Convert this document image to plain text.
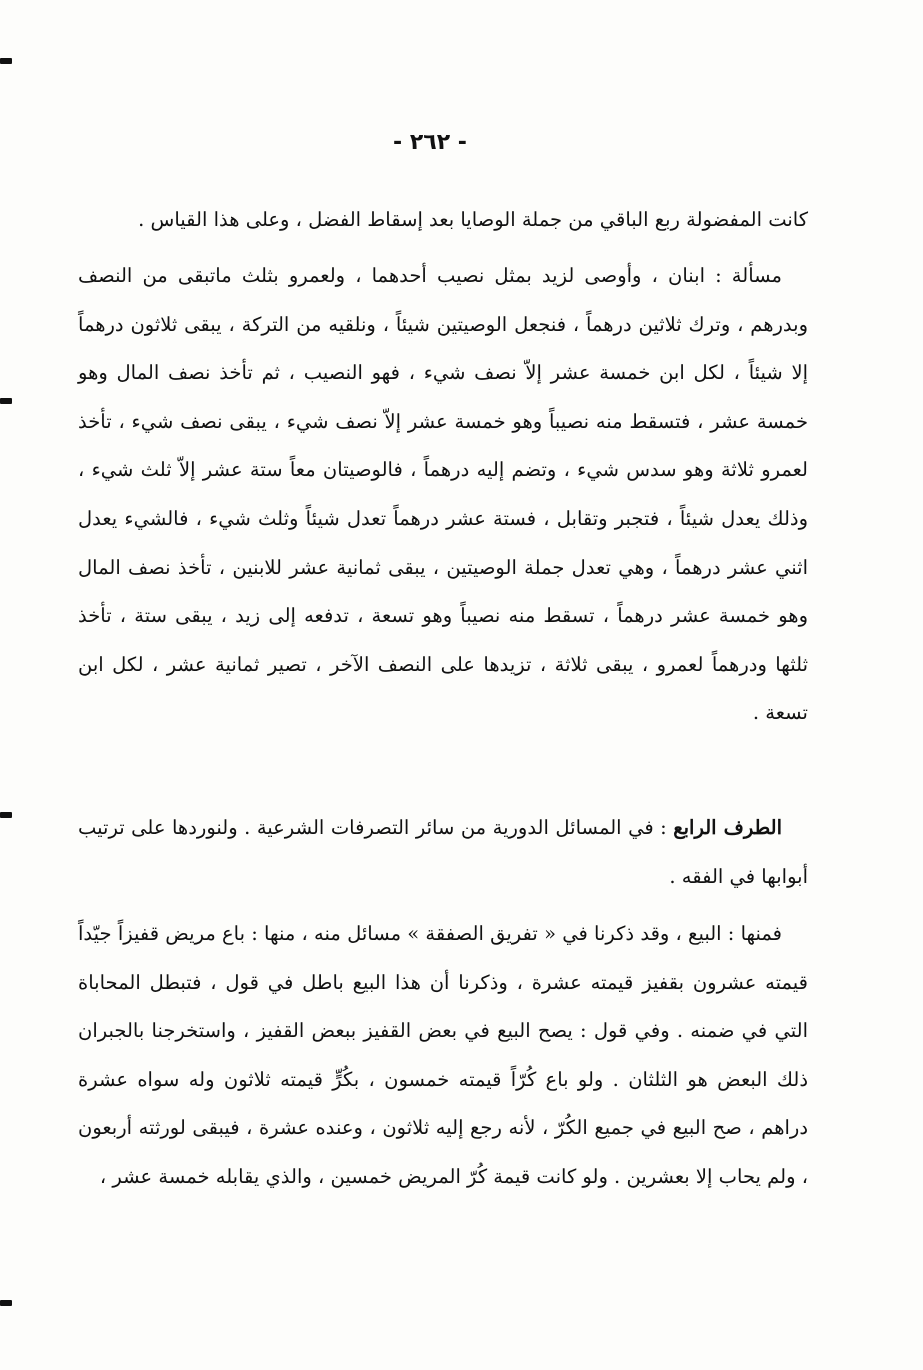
- ٢٦٢ -

كانت المفضولة ربع الباقي من جملة الوصايا بعد إسقاط الفضل ، وعلى هذا القياس .

مسألة : ابنان ، وأوصى لزيد بمثل نصيب أحدهما ، ولعمرو بثلث ماتبقى من النصف وبدرهم ، وترك ثلاثين درهماً ، فنجعل الوصيتين شيئاً ، ونلقيه من التركة ، يبقى ثلاثون درهماً إلا شيئاً ، لكل ابن خمسة عشر إلاّ نصف شيء ، فهو النصيب ، ثم تأخذ نصف المال وهو خمسة عشر ، فتسقط منه نصيباً وهو خمسة عشر إلاّ نصف شيء ، يبقى نصف شيء ، تأخذ لعمرو ثلاثة وهو سدس شيء ، وتضم إليه درهماً ، فالوصيتان معاً ستة عشر إلاّ ثلث شيء ، وذلك يعدل شيئاً ، فتجبر وتقابل ، فستة عشر درهماً تعدل شيئاً وثلث شيء ، فالشيء يعدل اثني عشر درهماً ، وهي تعدل جملة الوصيتين ، يبقى ثمانية عشر للابنين ، تأخذ نصف المال وهو خمسة عشر درهماً ، تسقط منه نصيباً وهو تسعة ، تدفعه إلى زيد ، يبقى ستة ، تأخذ ثلثها ودرهماً لعمرو ، يبقى ثلاثة ، تزيدها على النصف الآخر ، تصير ثمانية عشر ، لكل ابن تسعة .

الطرف الرابع : في المسائل الدورية من سائر التصرفات الشرعية . ولنوردها على ترتيب أبوابها في الفقه .

فمنها : البيع ، وقد ذكرنا في « تفريق الصفقة » مسائل منه ، منها : باع مريض قفيزاً جيّداً قيمته عشرون بقفيز قيمته عشرة ، وذكرنا أن هذا البيع باطل في قول ، فتبطل المحاباة التي في ضمنه . وفي قول : يصح البيع في بعض القفيز ببعض القفيز ، واستخرجنا بالجبران ذلك البعض هو الثلثان . ولو باع كُرّاً قيمته خمسون ، بكُرٍّ قيمته ثلاثون وله سواه عشرة دراهم ، صح البيع في جميع الكُرّ ، لأنه رجع إليه ثلاثون ، وعنده عشرة ، فيبقى لورثته أربعون ، ولم يحاب إلا بعشرين . ولو كانت قيمة كُرّ المريض خمسين ، والذي يقابله خمسة عشر ،
